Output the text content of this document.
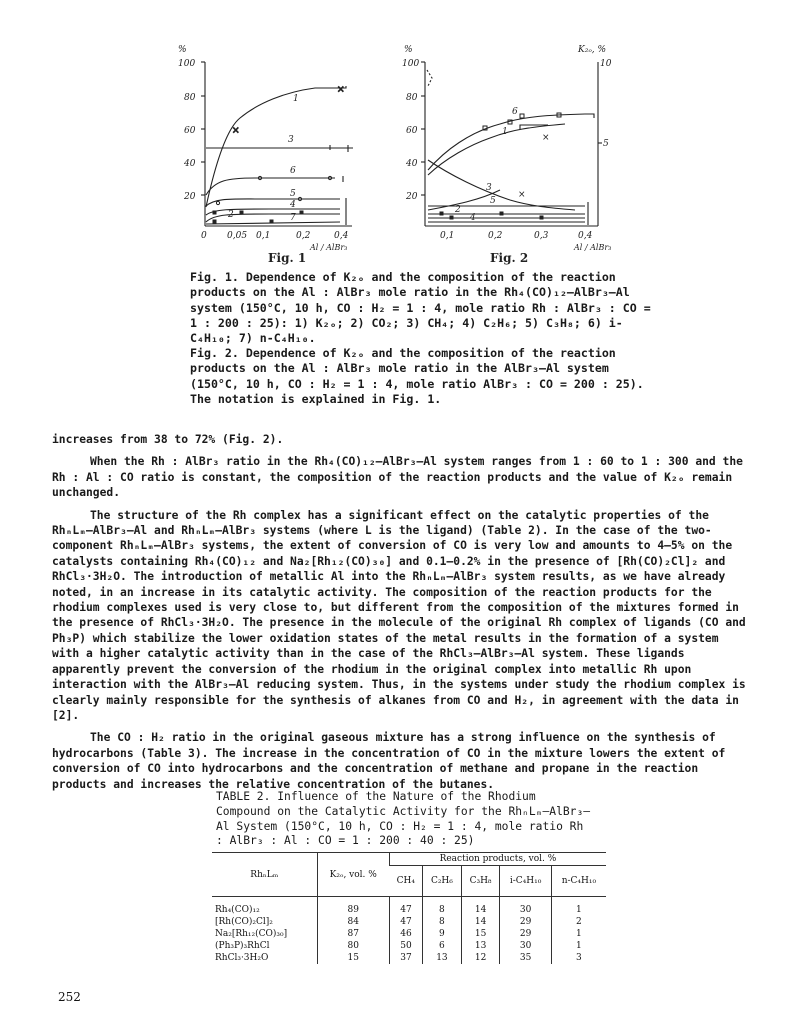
×
×
%
100
80
60
40
20
0 0,05 0,1	0,2	0,4
Al / AlBr₃
1
3
6
5
4
2	7
Fig. 1
×
×
%
100
80
60
40
20
K₂ₒ, %
10
5
0,1	0,2	0,3	0,4
Al / AlBr₃
6
1
3
5
2
4
Fig. 2

Fig. 1. Dependence of K₂ₒ and the composition of the reaction products on the Al : AlBr₃ mole ratio in the Rh₄(CO)₁₂–AlBr₃–Al system (150°C, 10 h, CO : H₂ = 1 : 4, mole ratio Rh : AlBr₃ : CO = 1 : 200 : 25): 1) K₂ₒ; 2) CO₂; 3) CH₄; 4) C₂H₆; 5) C₃H₈; 6) i-C₄H₁₀; 7) n-C₄H₁₀.

Fig. 2. Dependence of K₂ₒ and the composition of the reaction products on the Al : AlBr₃ mole ratio in the AlBr₃–Al system (150°C, 10 h, CO : H₂ = 1 : 4, mole ratio AlBr₃ : CO = 200 : 25). The notation is explained in Fig. 1.

increases from 38 to 72% (Fig. 2).

When the Rh : AlBr₃ ratio in the Rh₄(CO)₁₂–AlBr₃–Al system ranges from 1 : 60 to 1 : 300 and the Rh : Al : CO ratio is constant, the composition of the reaction products and the value of K₂ₒ remain unchanged.

The structure of the Rh complex has a significant effect on the catalytic properties of the RhₙLₘ–AlBr₃–Al and RhₙLₘ–AlBr₃ systems (where L is the ligand) (Table 2). In the case of the two-component RhₙLₘ–AlBr₃ systems, the extent of conversion of CO is very low and amounts to 4–5% on the catalysts containing Rh₄(CO)₁₂ and Na₂[Rh₁₂(CO)₃₀] and 0.1–0.2% in the presence of [Rh(CO)₂Cl]₂ and RhCl₃·3H₂O. The introduction of metallic Al into the RhₙLₘ–AlBr₃ system results, as we have already noted, in an increase in its catalytic activity. The composition of the reaction products for the rhodium complexes used is very close to, but different from the composition of the mixtures formed in the presence of RhCl₃·3H₂O. The presence in the molecule of the original Rh complex of ligands (CO and Ph₃P) which stabilize the lower oxidation states of the metal results in the formation of a system with a higher catalytic activity than in the case of the RhCl₃–AlBr₃–Al system. These ligands apparently prevent the conversion of the rhodium in the original complex into metallic Rh upon interaction with the AlBr₃–Al reducing system. Thus, in the systems under study the rhodium complex is clearly mainly responsible for the synthesis of alkanes from CO and H₂, in agreement with the data in [2].

The CO : H₂ ratio in the original gaseous mixture has a strong influence on the synthesis of hydrocarbons (Table 3). The increase in the concentration of CO in the mixture lowers the extent of conversion of CO into hydrocarbons and the concentration of methane and propane in the reaction products and increases the relative concentration of the butanes.

TABLE 2. Influence of the Nature of the Rhodium Compound on the Catalytic Activity for the RhₙLₘ–AlBr₃–Al System (150°C, 10 h, CO : H₂ = 1 : 4, mole ratio Rh : AlBr₃ : Al : CO = 1 : 200 : 40 : 25)
RhₙLₘ	K₂ₒ, vol. %	Reaction products, vol. %				
		CH₄	C₂H₆	C₃H₈	i-C₄H₁₀	n-C₄H₁₀
Rh₄(CO)₁₂	89	47	8	14	30	1
[Rh(CO)₂Cl]₂	84	47	8	14	29	2
Na₂[Rh₁₂(CO)₃₀]	87	46	9	15	29	1
(Ph₃P)₃RhCl	80	50	6	13	30	1
RhCl₃·3H₂O	15	37	13	12	35	3
252
